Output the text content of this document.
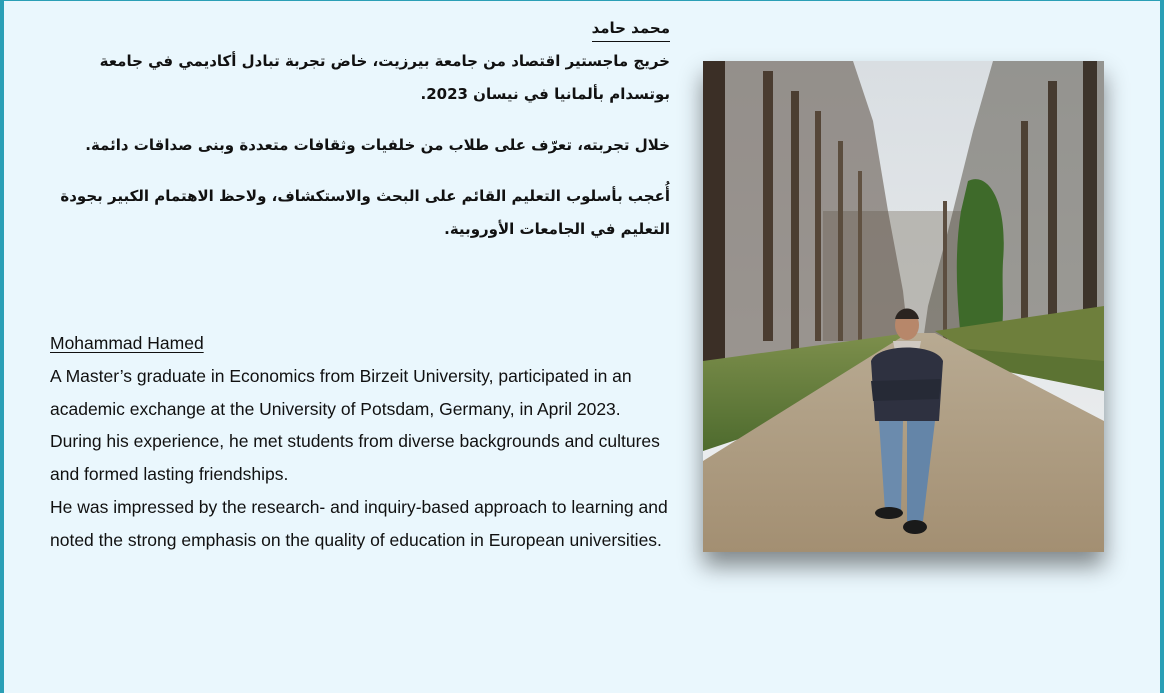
محمد حامد

خريج ماجستير اقتصاد من جامعة بيرزيت، خاض تجربة تبادل أكاديمي في جامعة بوتسدام بألمانيا في نيسان 2023.

خلال تجربته، تعرّف على طلاب من خلفيات وثقافات متعددة وبنى صداقات دائمة.

أُعجب بأسلوب التعليم القائم على البحث والاستكشاف، ولاحظ الاهتمام الكبير بجودة التعليم في الجامعات الأوروبية.

Mohammad Hamed

A Master’s graduate in Economics from Birzeit University, participated in an academic exchange at the University of Potsdam, Germany, in April 2023.

During his experience, he met students from diverse backgrounds and cultures and formed lasting friendships.

He was impressed by the research- and inquiry-based approach to learning and noted the strong emphasis on the quality of education in European universities.
